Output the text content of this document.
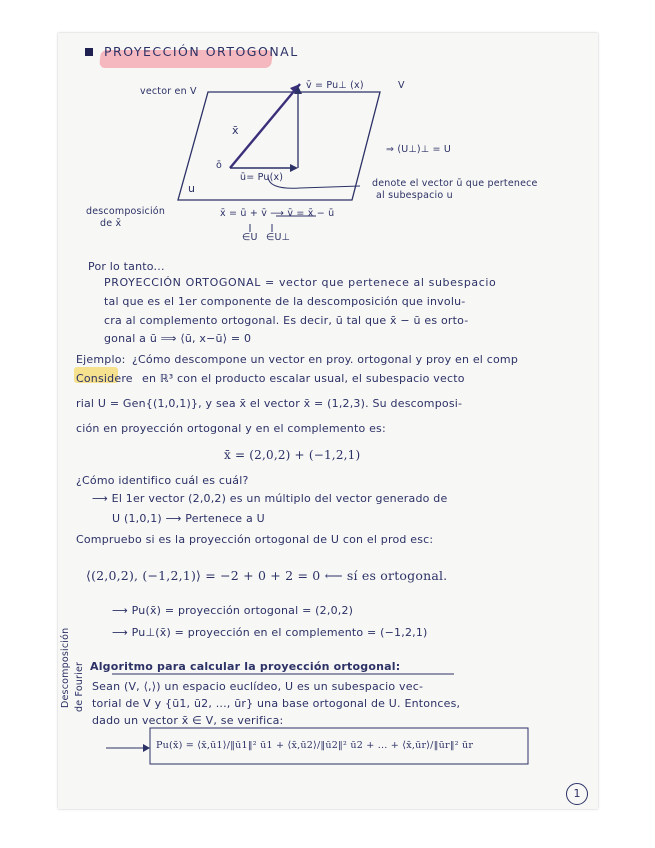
PROYECCIÓN ORTOGONAL
vector en V
v̄ = Pu⊥ (x)	V
x̄
ō
u
ū= Pu(x)
⇒ (U⊥)⊥ = U
denote el vector ū que pertenece
al subespacio u
descomposición
de x̄
x̄ = ū + v̄ ⟶ v̄ = x̄ − ū
∈U ∈U⊥
Por lo tanto...
PROYECCIÓN ORTOGONAL = vector que pertenece al subespacio
tal que es el 1er componente de la descomposición que involu-
cra al complemento ortogonal. Es decir, ū tal que x̄ − ū es orto-
gonal a ū ⟹ ⟨ū, x−ū⟩ = 0
Ejemplo: ¿Cómo descompone un vector en proy. ortogonal y proy en el comp
Considere en ℝ³ con el producto escalar usual, el subespacio vecto
rial U = Gen{(1,0,1)}, y sea x̄ el vector x̄ = (1,2,3). Su descomposi-
ción en proyección ortogonal y en el complemento es:
x̄ = (2,0,2) + (−1,2,1)
¿Cómo identifico cuál es cuál?
⟶ El 1er vector (2,0,2) es un múltiplo del vector generado de
U (1,0,1) ⟶ Pertenece a U
Compruebo si es la proyección ortogonal de U con el prod esc:
⟨(2,0,2), (−1,2,1)⟩ = −2 + 0 + 2 = 0 ⟵ sí es ortogonal.
⟶ Pu(x̄) = proyección ortogonal = (2,0,2)
⟶ Pu⊥(x̄) = proyección en el complemento = (−1,2,1)
Algoritmo para calcular la proyección ortogonal:
Sean (V, ⟨,⟩) un espacio euclídeo, U es un subespacio vec-
torial de V y {ū1, ū2, ..., ūr} una base ortogonal de U. Entonces,
dado un vector x̄ ∈ V, se verifica:
Pu(x̄) = ⟨x̄,ū1⟩/‖ū1‖² ū1 + ⟨x̄,ū2⟩/‖ū2‖² ū2 + ... + ⟨x̄,ūr⟩/‖ūr‖² ūr
Descomposición de Fourier
1
